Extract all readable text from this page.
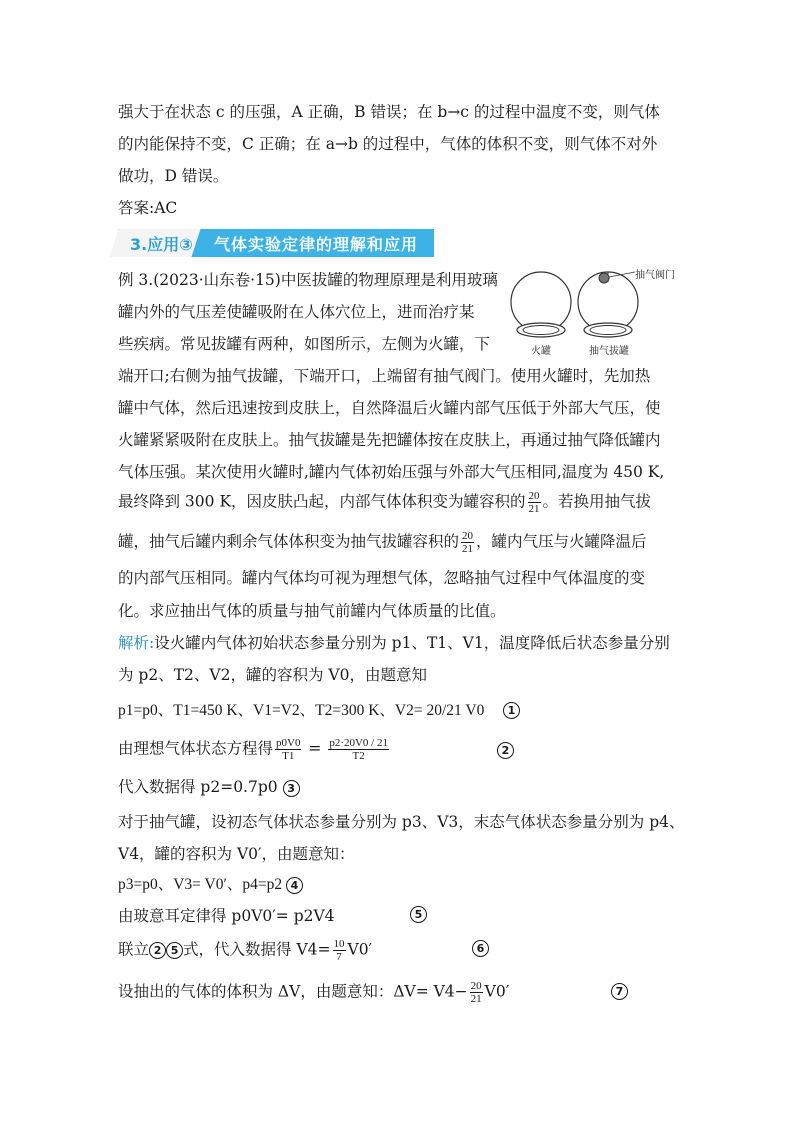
强大于在状态 c 的压强，A 正确，B 错误；在 b→c 的过程中温度不变，则气体
的内能保持不变，C 正确；在 a→b 的过程中，气体的体积不变，则气体不对外
做功，D 错误。
答案:AC
3.应用③ 气体实验定律的理解和应用
抽气阀门
火罐	抽气拔罐
例 3.(2023·山东卷·15)中医拔罐的物理原理是利用玻璃
罐内外的气压差使罐吸附在人体穴位上，进而治疗某
些疾病。常见拔罐有两种，如图所示，左侧为火罐，下
端开口;右侧为抽气拔罐，下端开口，上端留有抽气阀门。使用火罐时，先加热
罐中气体，然后迅速按到皮肤上，自然降温后火罐内部气压低于外部大气压，使
火罐紧紧吸附在皮肤上。抽气拔罐是先把罐体按在皮肤上，再通过抽气降低罐内
气体压强。某次使用火罐时,罐内气体初始压强与外部大气压相同,温度为 450 K,
最终降到 300 K，因皮肤凸起，内部气体体积变为罐容积的 $\frac{20}{21}$ 。若换用抽气拔
罐，抽气后罐内剩余气体体积变为抽气拔罐容积的 $\frac{20}{21}$ ，罐内气压与火罐降温后
的内部气压相同。罐内气体均可视为理想气体，忽略抽气过程中气体温度的变
化。求应抽出气体的质量与抽气前罐内气体质量的比值。
解析:设火罐内气体初始状态参量分别为 p1、T1、V1，温度降低后状态参量分别
为 p2、T2、V2，罐的容积为 V0，由题意知
p1=p0、T1=450 K、V1=V2、T2=300 K、V2= 20/21 V0	1
由理想气体状态方程得 $\frac{p0V0}{T1} = \frac{p2\cdot 20V0 / 21}{T2}$	2
代入数据得 p2=0.7p0 3
对于抽气罐，设初态气体状态参量分别为 p3、V3，末态气体状态参量分别为 p4、
V4，罐的容积为 V0′，由题意知：
p3=p0、V3= V0′、p4=p2 4
由玻意耳定律得 p0V0′= p2V4	5
联立 2 5 式，代入数据得 $V4= \frac{10}{7} V0'$	6
设抽出的气体的体积为 ΔV，由题意知：$\Delta V= V4- \frac{20}{21} V0'$	7
